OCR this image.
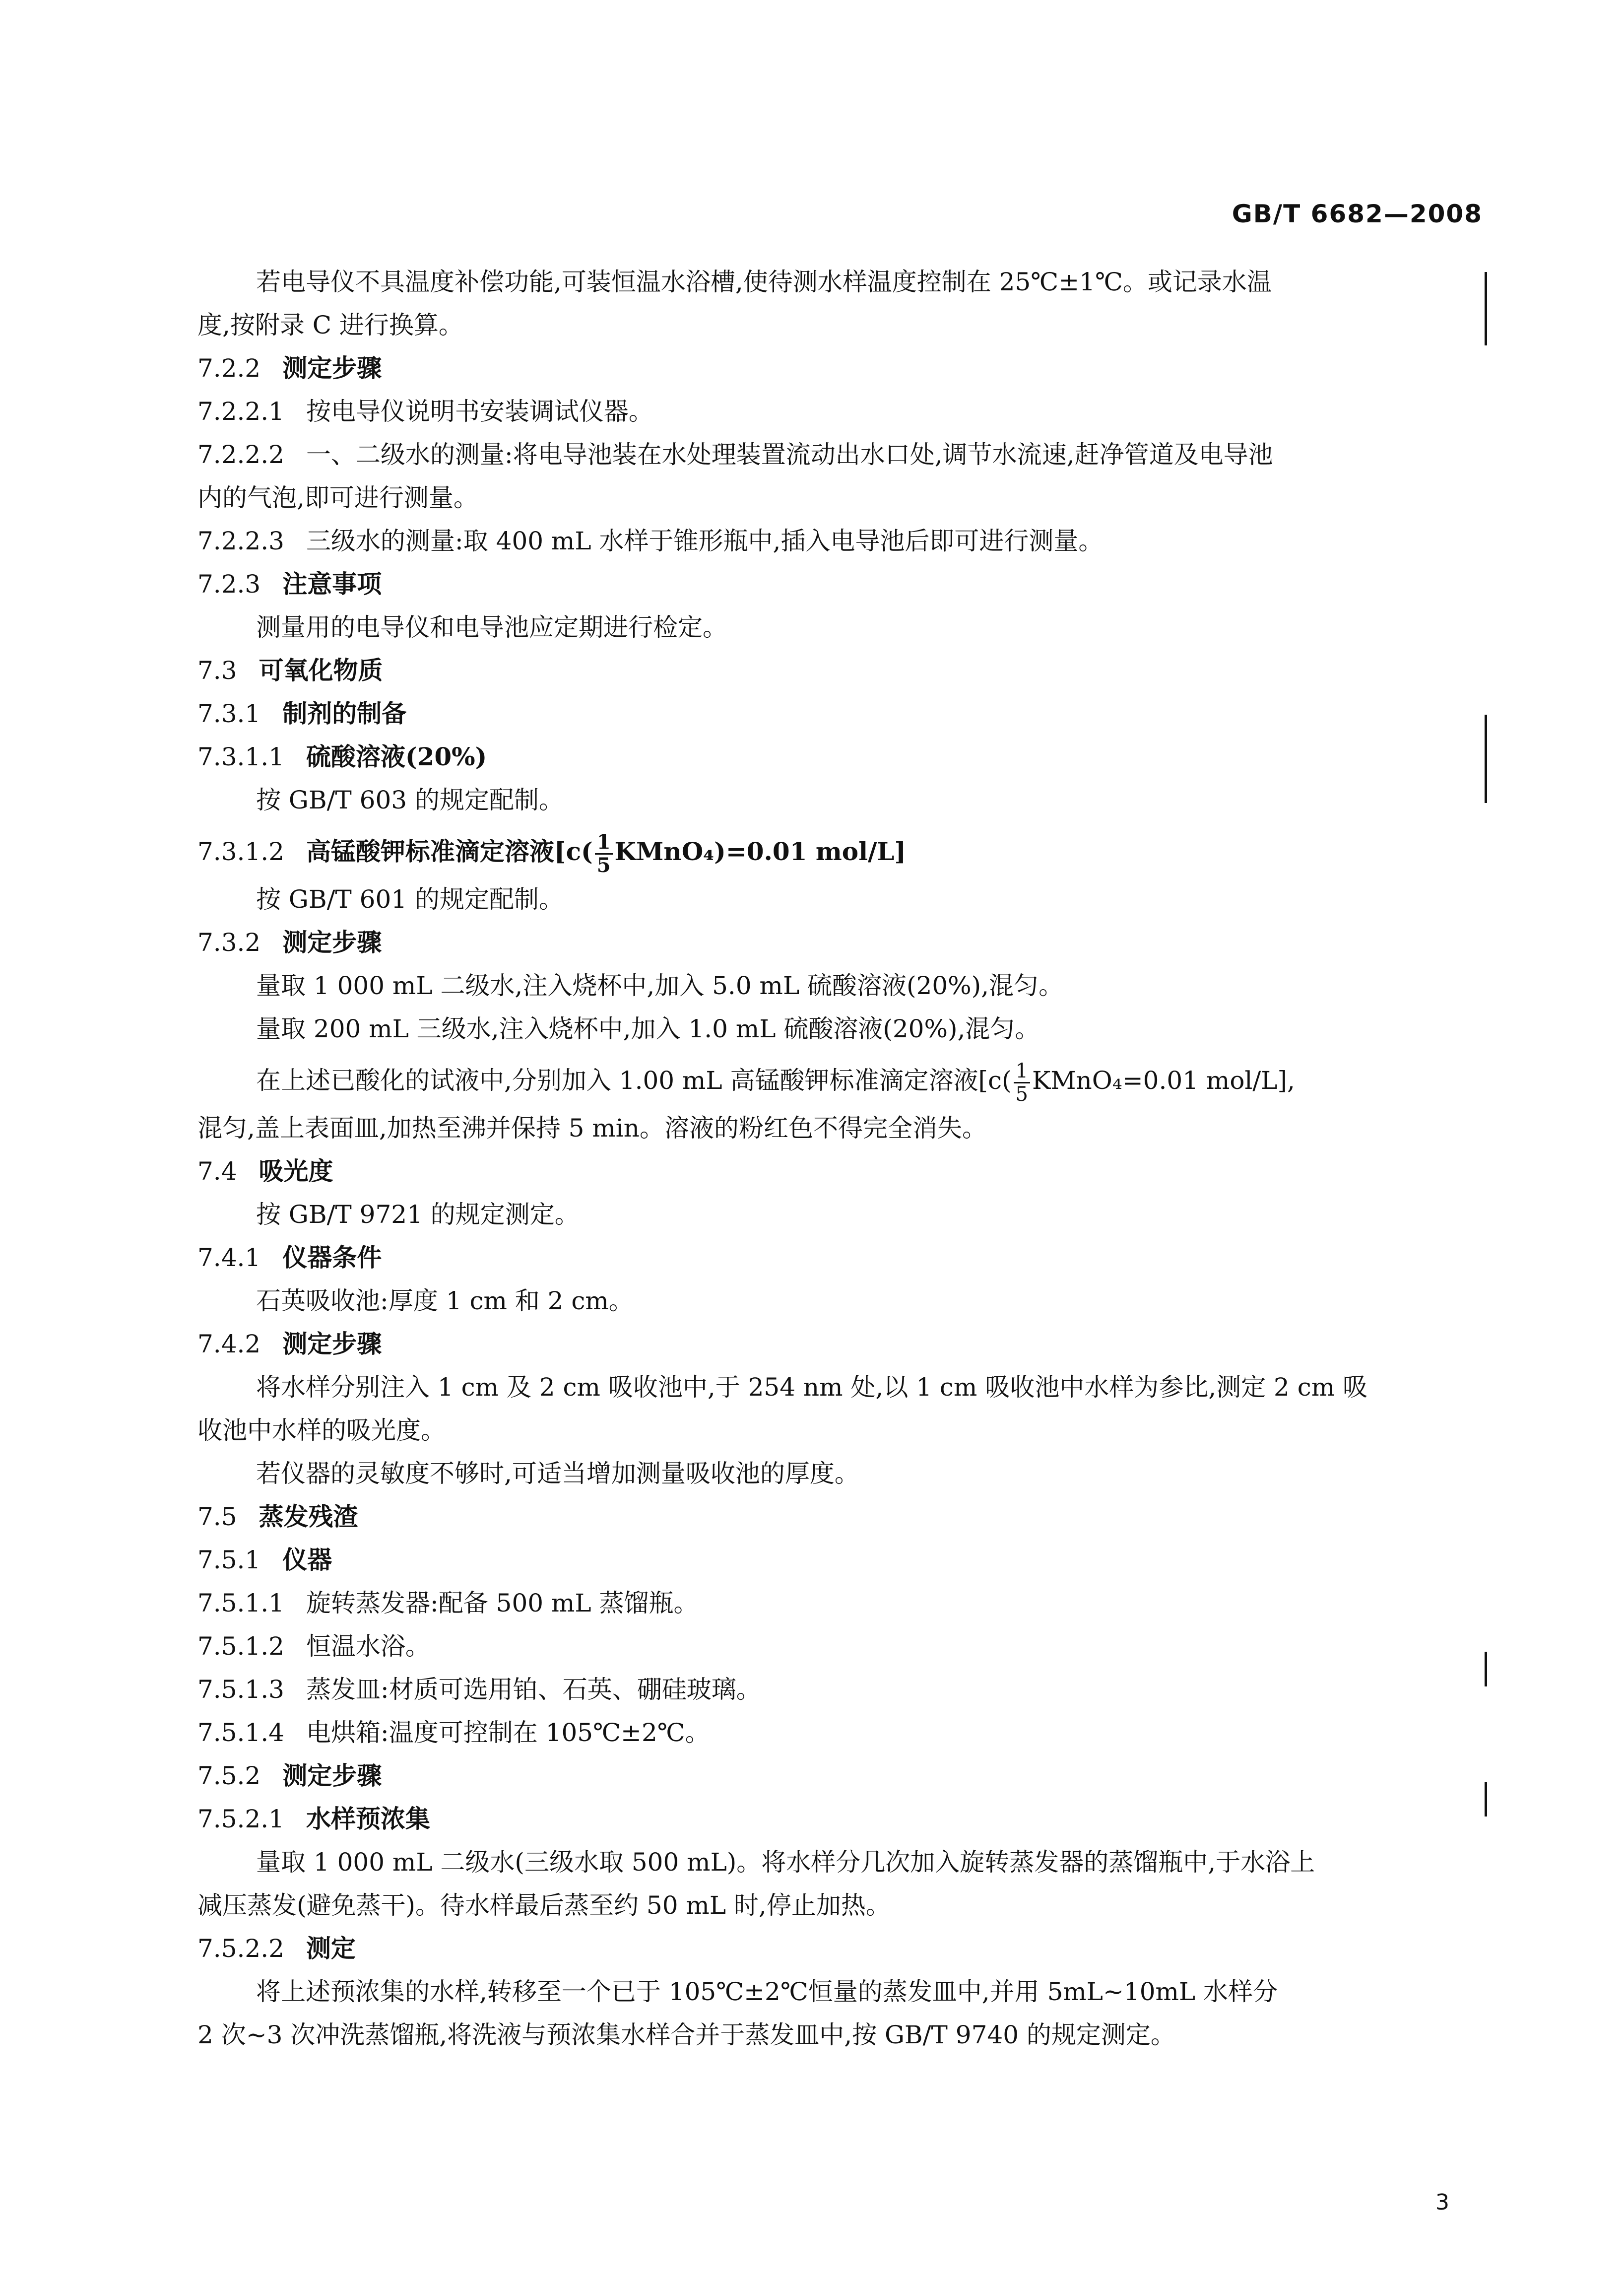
GB/T 6682—2008
若电导仪不具温度补偿功能,可装恒温水浴槽,使待测水样温度控制在 25℃±1℃。或记录水温
度,按附录 C 进行换算。
7.2.2 测定步骤
7.2.2.1 按电导仪说明书安装调试仪器。
7.2.2.2 一、二级水的测量:将电导池装在水处理装置流动出水口处,调节水流速,赶净管道及电导池
内的气泡,即可进行测量。
7.2.2.3 三级水的测量:取 400 mL 水样于锥形瓶中,插入电导池后即可进行测量。
7.2.3 注意事项
测量用的电导仪和电导池应定期进行检定。
7.3 可氧化物质
7.3.1 制剂的制备
7.3.1.1 硫酸溶液(20%)
按 GB/T 603 的规定配制。
7.3.1.2 高锰酸钾标准滴定溶液[$c( \frac{1}{5}$ KMnO₄)=0.01 mol/L]
按 GB/T 601 的规定配制。
7.3.2 测定步骤
量取 1 000 mL 二级水,注入烧杯中,加入 5.0 mL 硫酸溶液(20%),混匀。
量取 200 mL 三级水,注入烧杯中,加入 1.0 mL 硫酸溶液(20%),混匀。
在上述已酸化的试液中,分别加入 1.00 mL 高锰酸钾标准滴定溶液[$c( \frac{1}{5}$ KMnO₄=0.01 mol/L],
混匀,盖上表面皿,加热至沸并保持 5 min。溶液的粉红色不得完全消失。
7.4 吸光度
按 GB/T 9721 的规定测定。
7.4.1 仪器条件
石英吸收池:厚度 1 cm 和 2 cm。
7.4.2 测定步骤
将水样分别注入 1 cm 及 2 cm 吸收池中,于 254 nm 处,以 1 cm 吸收池中水样为参比,测定 2 cm 吸
收池中水样的吸光度。
若仪器的灵敏度不够时,可适当增加测量吸收池的厚度。
7.5 蒸发残渣
7.5.1 仪器
7.5.1.1 旋转蒸发器:配备 500 mL 蒸馏瓶。
7.5.1.2 恒温水浴。
7.5.1.3 蒸发皿:材质可选用铂、石英、硼硅玻璃。
7.5.1.4 电烘箱:温度可控制在 105℃±2℃。
7.5.2 测定步骤
7.5.2.1 水样预浓集
量取 1 000 mL 二级水(三级水取 500 mL)。将水样分几次加入旋转蒸发器的蒸馏瓶中,于水浴上
减压蒸发(避免蒸干)。待水样最后蒸至约 50 mL 时,停止加热。
7.5.2.2 测定
将上述预浓集的水样,转移至一个已于 105℃±2℃恒量的蒸发皿中,并用 5mL~10mL 水样分
2 次~3 次冲洗蒸馏瓶,将洗液与预浓集水样合并于蒸发皿中,按 GB/T 9740 的规定测定。
3
